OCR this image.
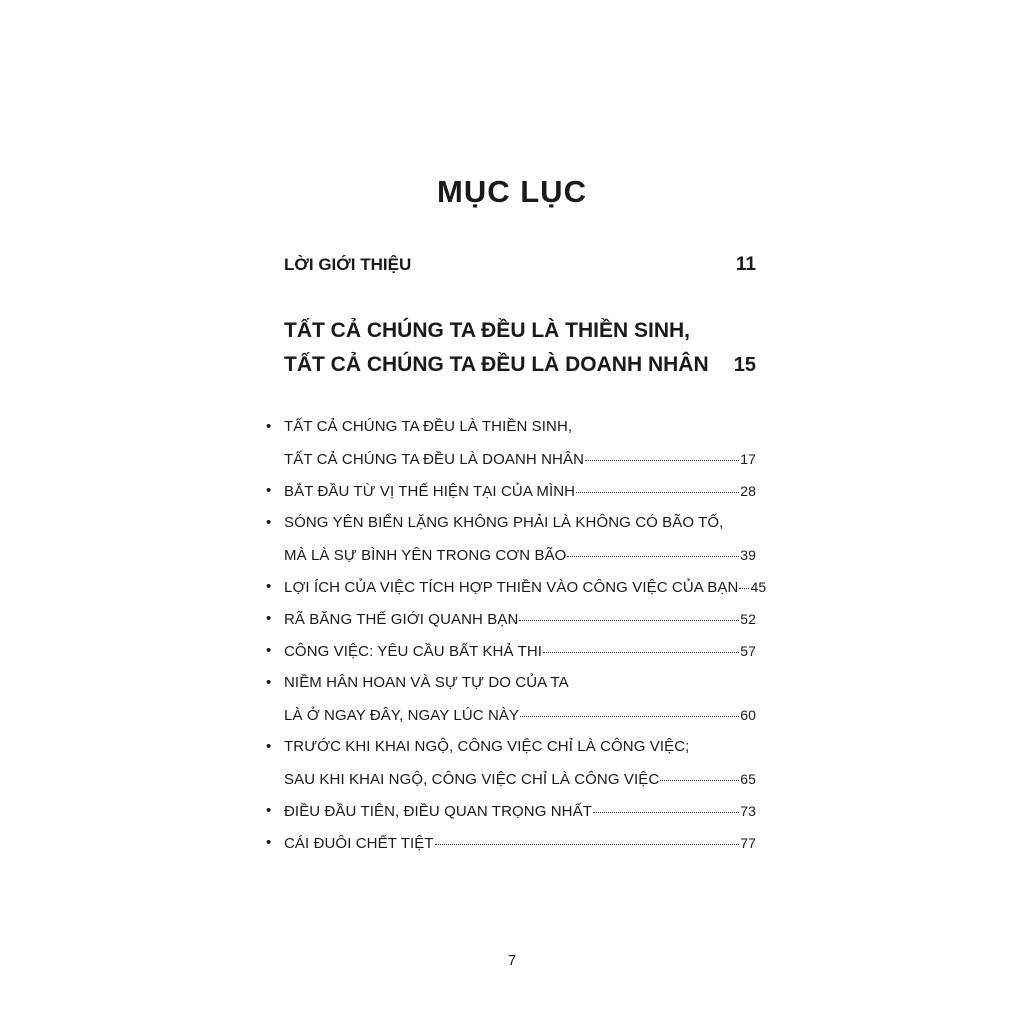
MỤC LỤC
LỜI GIỚI THIỆU	11
TẤT CẢ CHÚNG TA ĐỀU LÀ THIỀN SINH,
TẤT CẢ CHÚNG TA ĐỀU LÀ DOANH NHÂN 15
• TẤT CẢ CHÚNG TA ĐỀU LÀ THIỀN SINH,
TẤT CẢ CHÚNG TA ĐỀU LÀ DOANH NHÂN	17
• BẮT ĐẦU TỪ VỊ THẾ HIỆN TẠI CỦA MÌNH	28
• SÓNG YÊN BIỂN LẶNG KHÔNG PHẢI LÀ KHÔNG CÓ BÃO TỐ,
MÀ LÀ SỰ BÌNH YÊN TRONG CƠN BÃO	39
• LỢI ÍCH CỦA VIỆC TÍCH HỢP THIỀN VÀO CÔNG VIỆC CỦA BẠN 45
• RÃ BĂNG THẾ GIỚI QUANH BẠN	52
• CÔNG VIỆC: YÊU CẦU BẤT KHẢ THI	57
• NIỀM HÂN HOAN VÀ SỰ TỰ DO CỦA TA
LÀ Ở NGAY ĐÂY, NGAY LÚC NÀY	60
• TRƯỚC KHI KHAI NGỘ, CÔNG VIỆC CHỈ LÀ CÔNG VIỆC;
SAU KHI KHAI NGỘ, CÔNG VIỆC CHỈ LÀ CÔNG VIỆC	65
• ĐIỀU ĐẦU TIÊN, ĐIỀU QUAN TRỌNG NHẤT	73
• CÁI ĐUÔI CHẾT TIỆT	77
7
